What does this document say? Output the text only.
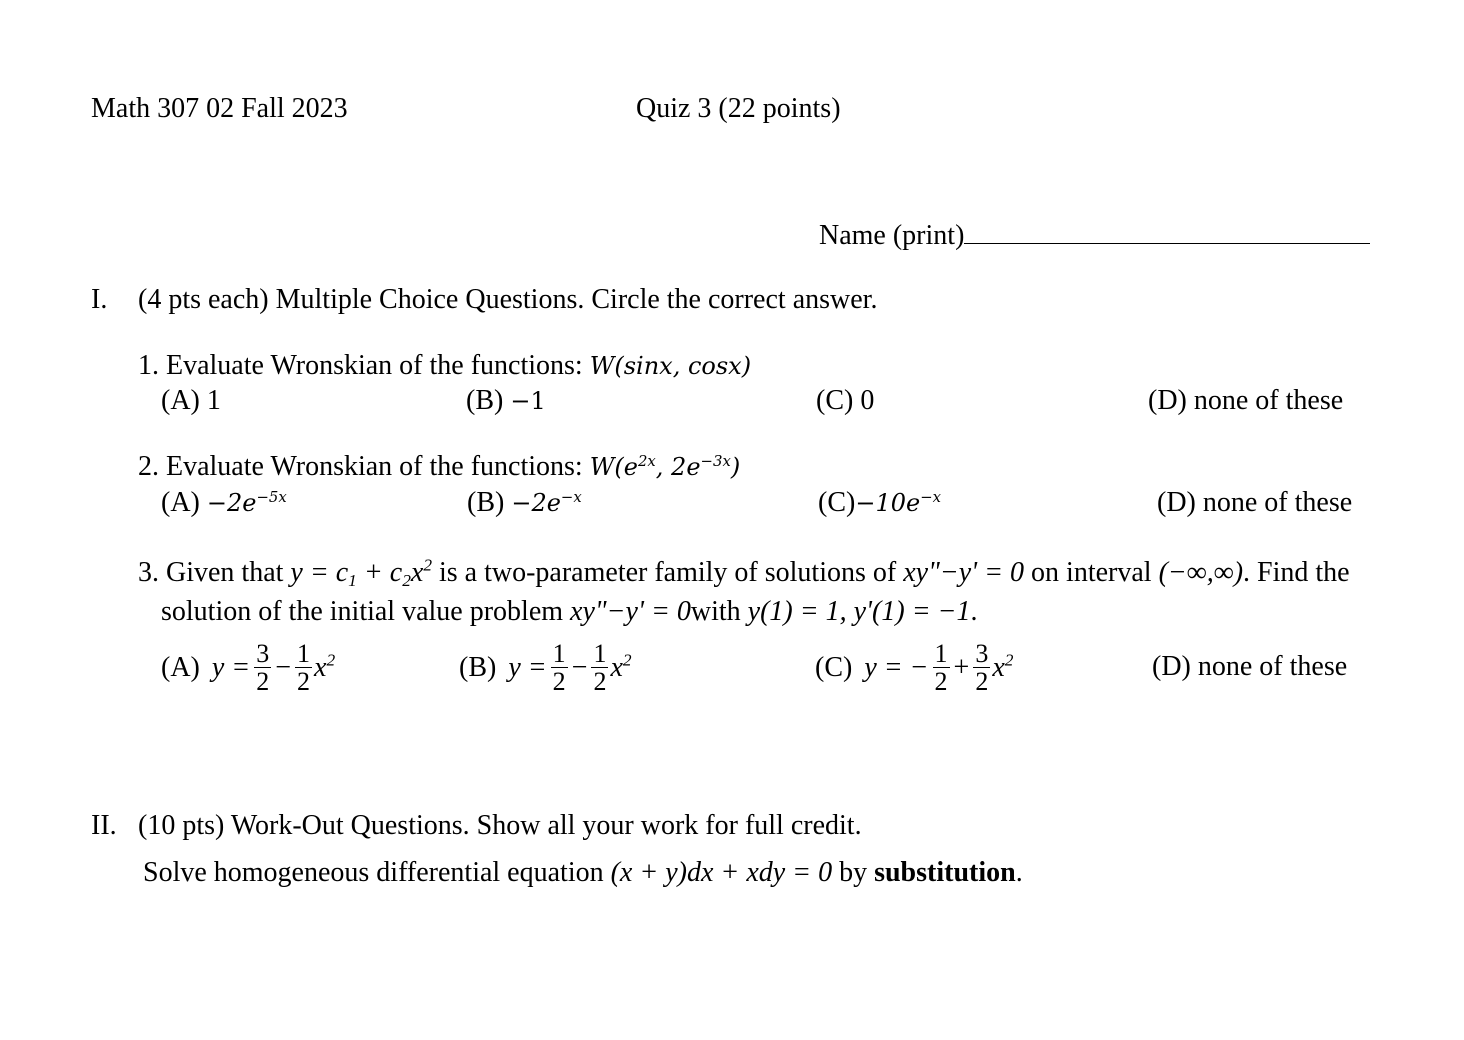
Math 307 02 Fall 2023	Quiz 3 (22 points)
Name (print)
I. (4 pts each) Multiple Choice Questions. Circle the correct answer.
1. Evaluate Wronskian of the functions: W(sinx, cosx)
(A) 1	(B) −1	(C) 0	(D) none of these
2. Evaluate Wronskian of the functions: $W(e^{2x}$, $2e^{-3x}$)
$(A) -2e^{-5x}$	$(B) -2e^{-x}$	$(C)-10e^{-x}$	(D) none of these
3. Given that $y = c_1 + c_2x^2$ is a two-parameter family of solutions of xy"−y' = 0 on interval (−∞,∞). Find the
solution of the initial value problem xy"−y' = 0with y(1) = 1, y'(1) = −1.
(A) $y = \frac{3}{2} - \frac{1}{2} x^2$	(B) $y = \frac{1}{2} - \frac{1}{2} x^2$	(C) y = − $\frac{1}{2} + \frac{3}{2} x^2$	(D) none of these
II. (10 pts) Work-Out Questions. Show all your work for full credit.
Solve homogeneous differential equation (x + y)dx + xdy = 0 by substitution.
